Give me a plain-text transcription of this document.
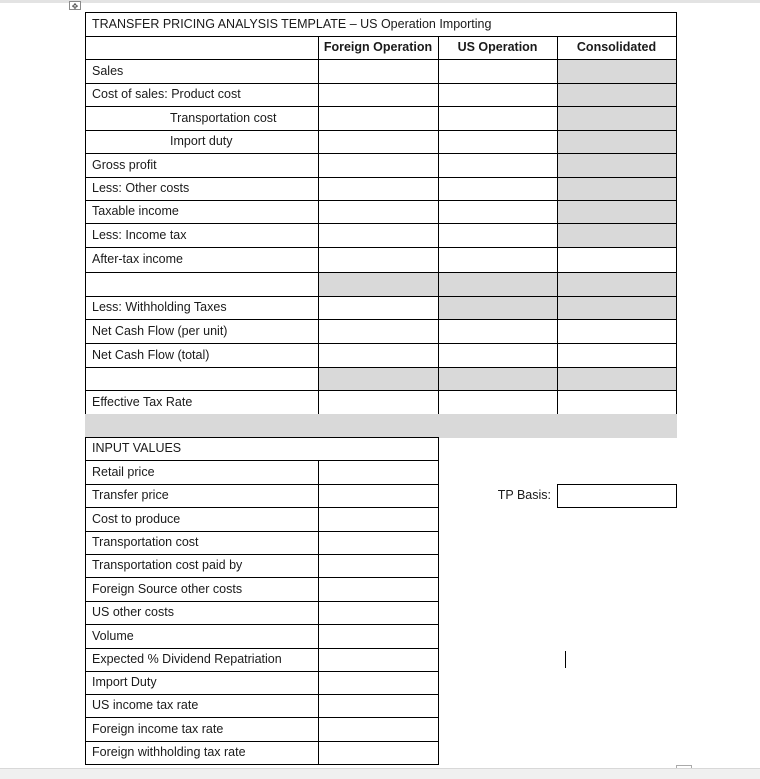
✥
TRANSFER PRICING ANALYSIS TEMPLATE – US Operation Importing
Foreign Operation	US Operation	Consolidated
Sales
Cost of sales: Product cost
Transportation cost
Import duty
Gross profit
Less: Other costs
Taxable income
Less: Income tax
After-tax income
Less: Withholding Taxes
Net Cash Flow (per unit)
Net Cash Flow (total)
Effective Tax Rate
INPUT VALUES
Retail price
Transfer price
Cost to produce
Transportation cost
Transportation cost paid by
Foreign Source other costs
US other costs
Volume
Expected % Dividend Repatriation
Import Duty
US income tax rate
Foreign income tax rate
Foreign withholding tax rate
TP Basis:
